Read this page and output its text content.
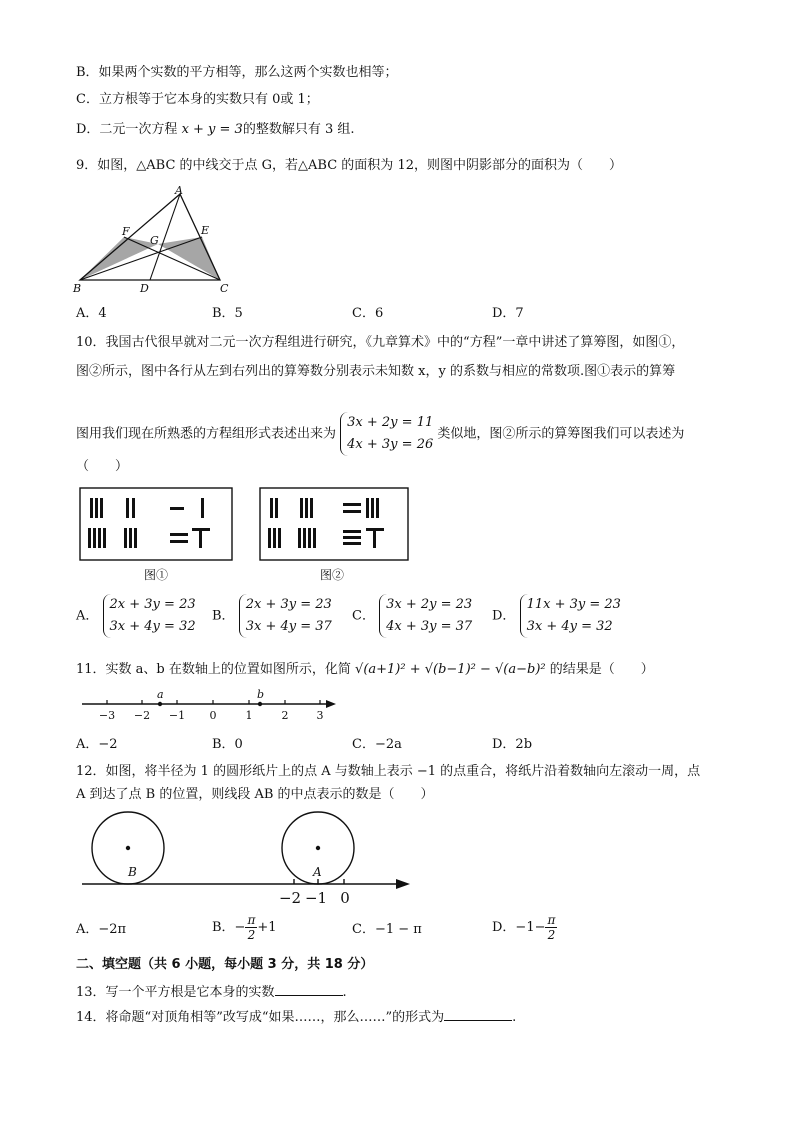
B．如果两个实数的平方相等，那么这两个实数也相等；
C．立方根等于它本身的实数只有 0或 1；
D．二元一次方程 x + y = 3的整数解只有 3 组.
9．如图，△ABC 的中线交于点 G，若△ABC 的面积为 12，则图中阴影部分的面积为（　　）
A
B	C
D
E
F
G
A．4	B．5	C．6	D．7
10．我国古代很早就对二元一次方程组进行研究，《九章算术》中的“方程”一章中讲述了算筹图，如图①，
图②所示，图中各行从左到右列出的算筹数分别表示未知数 x，y 的系数与相应的常数项.图①表示的算筹
图用我们现在所熟悉的方程组形式表述出来为
3x + 2y = 11
4x + 3y = 26
类似地，图②所示的算筹图我们可以表述为
（　　）
图①	图②
A．
2x + 3y = 23
3x + 4y = 32
B．
2x + 3y = 23
3x + 4y = 37
C．
3x + 2y = 23
4x + 3y = 37
D．
11x + 3y = 23
3x + 4y = 32
11．实数 a、b 在数轴上的位置如图所示，化简 √(a+1)² + √(b−1)² − √(a−b)² 的结果是（　　）
a	b
−3 −2 −1 0	1	2	3
A．−2	B．0	C．−2a	D．2b
12．如图，将半径为 1 的圆形纸片上的点 A 与数轴上表示 −1 的点重合，将纸片沿着数轴向左滚动一周，点
A 到达了点 B 的位置，则线段 AB 的中点表示的数是（　　）
B	A
−2 −1 0
A．−2π	B．− $\frac{\pi}{2} +1$	C．−1 − π	D．$-1- \frac{\pi}{2}$
二、填空题（共 6 小题，每小题 3 分，共 18 分）
13．写一个平方根是它本身的实数	.
14．将命题“对顶角相等”改写成“如果……，那么……”的形式为	.
